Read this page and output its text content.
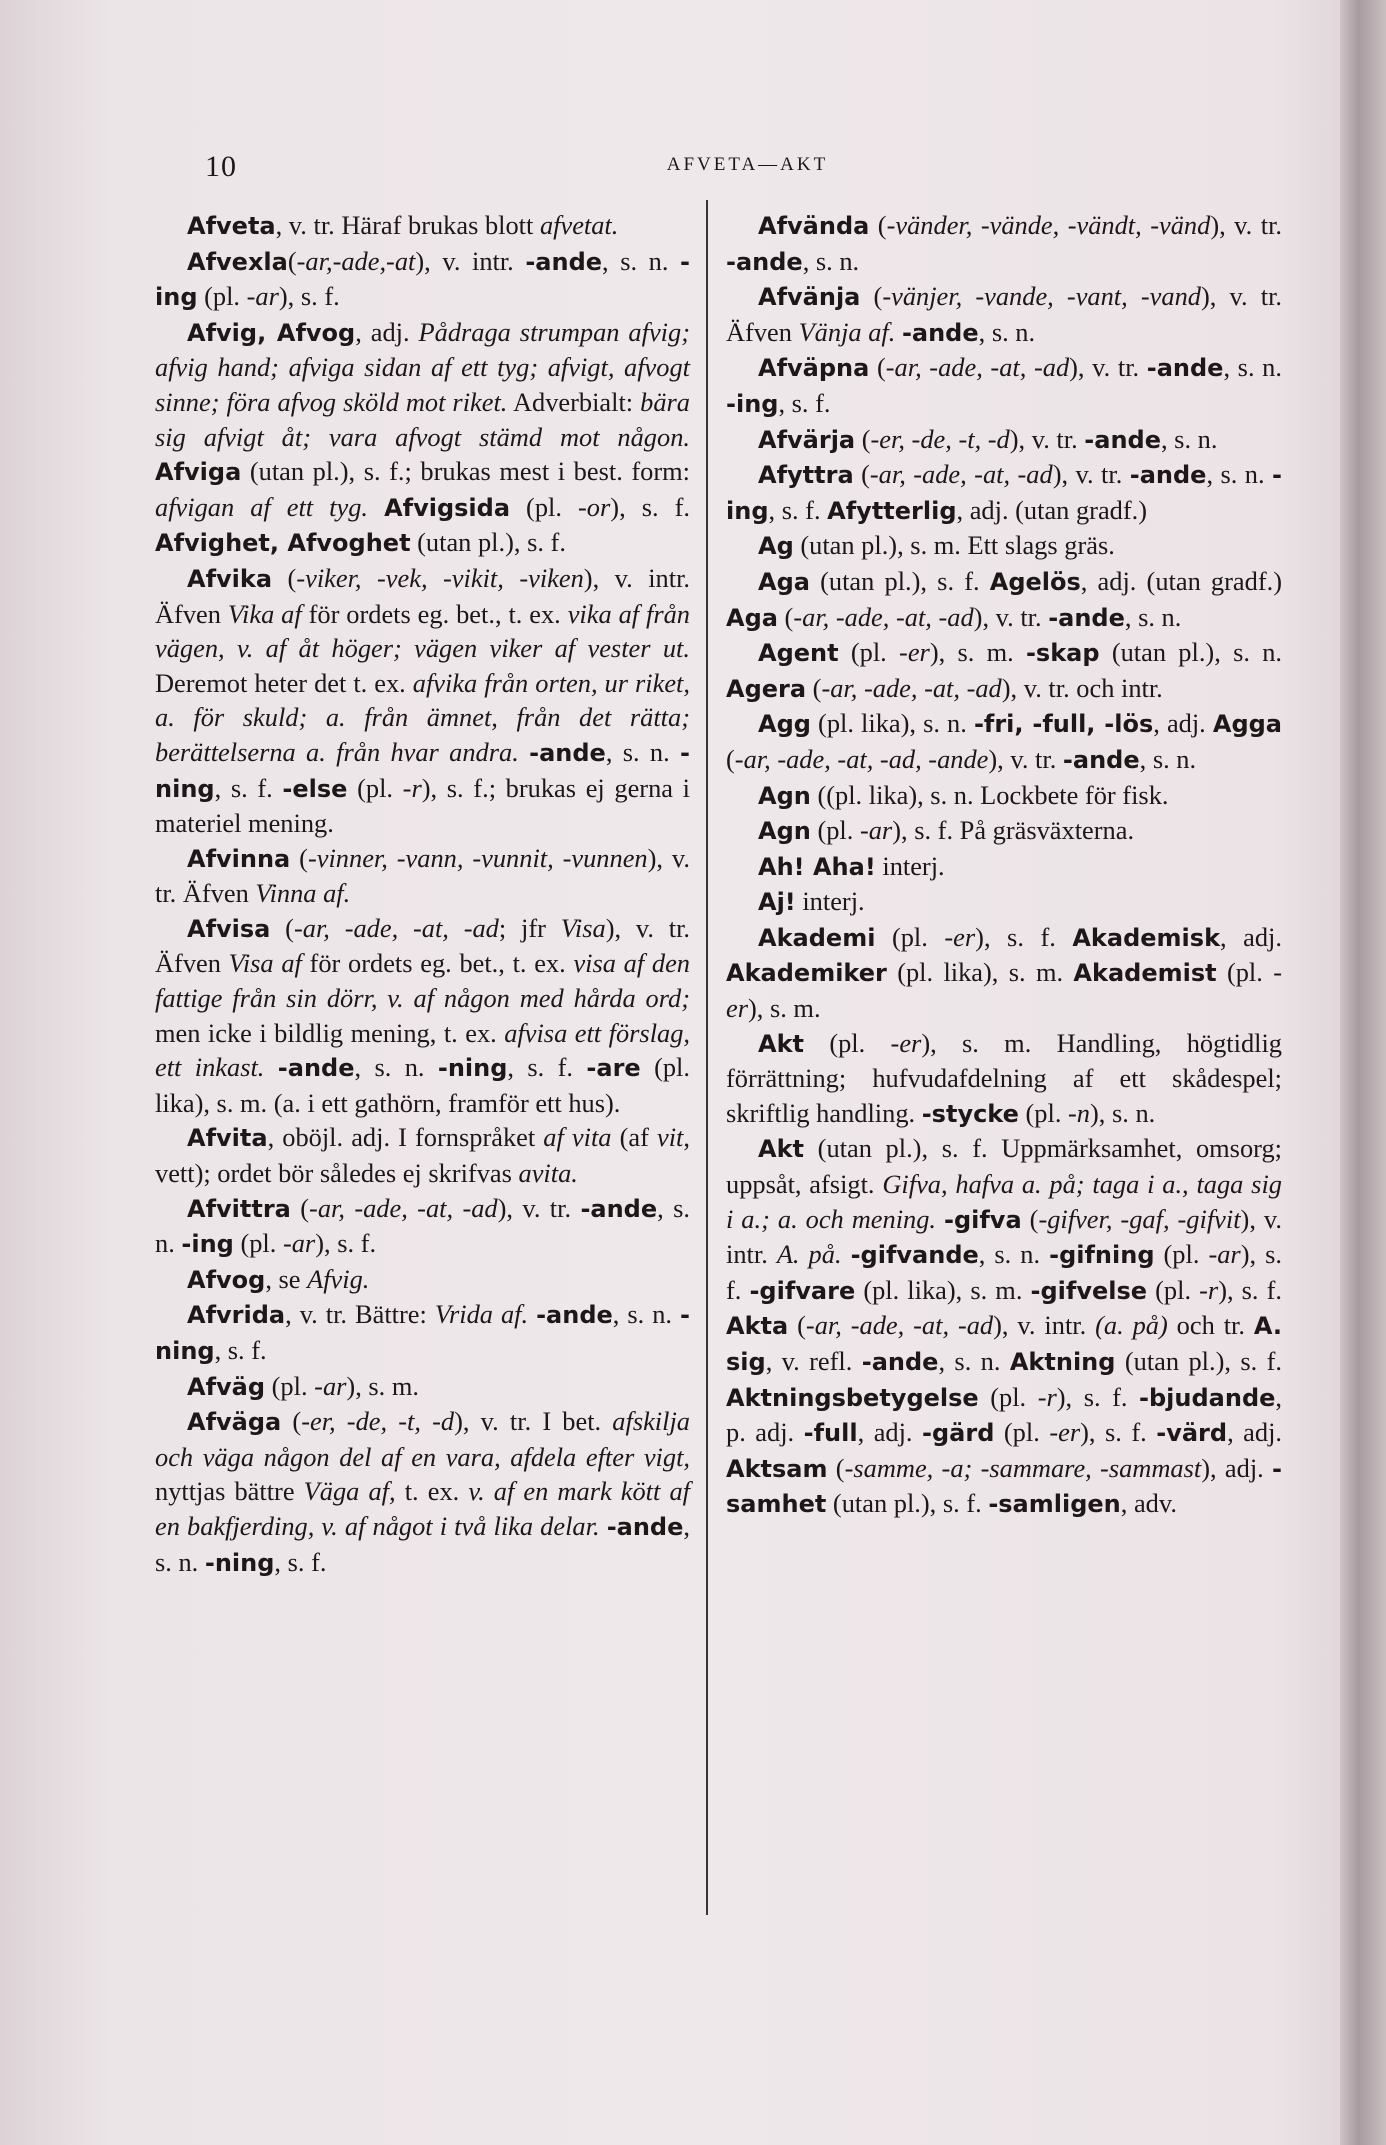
10	AFVETA—AKT

Afveta, v. tr. Häraf brukas blott afvetat.

Afvexla(-ar,-ade,-at), v. intr. -ande, s. n. -ing (pl. -ar), s. f.

Afvig, Afvog, adj. Pådraga strumpan afvig; afvig hand; afviga sidan af ett tyg; afvigt, afvogt sinne; föra afvog sköld mot riket. Adverbialt: bära sig afvigt åt; vara afvogt stämd mot någon. Afviga (utan pl.), s. f.; brukas mest i best. form: afvigan af ett tyg. Afvigsida (pl. -or), s. f. Afvighet, Afvoghet (utan pl.), s. f.

Afvika (-viker, -vek, -vikit, -viken), v. intr. Äfven Vika af för ordets eg. bet., t. ex. vika af från vägen, v. af åt höger; vägen viker af vester ut. Deremot heter det t. ex. afvika från orten, ur riket, a. för skuld; a. från ämnet, från det rätta; berättelserna a. från hvar andra. -ande, s. n. -ning, s. f. -else (pl. -r), s. f.; brukas ej gerna i materiel mening.

Afvinna (-vinner, -vann, -vunnit, -vunnen), v. tr. Äfven Vinna af.

Afvisa (-ar, -ade, -at, -ad; jfr Visa), v. tr. Äfven Visa af för ordets eg. bet., t. ex. visa af den fattige från sin dörr, v. af någon med hårda ord; men icke i bildlig mening, t. ex. afvisa ett förslag, ett inkast. -ande, s. n. -ning, s. f. -are (pl. lika), s. m. (a. i ett gathörn, framför ett hus).

Afvita, oböjl. adj. I fornspråket af vita (af vit, vett); ordet bör således ej skrifvas avita.

Afvittra (-ar, -ade, -at, -ad), v. tr. -ande, s. n. -ing (pl. -ar), s. f.

Afvog, se Afvig.

Afvrida, v. tr. Bättre: Vrida af. -ande, s. n. -ning, s. f.

Afväg (pl. -ar), s. m.

Afväga (-er, -de, -t, -d), v. tr. I bet. afskilja och väga någon del af en vara, afdela efter vigt, nyttjas bättre Väga af, t. ex. v. af en mark kött af en bakfjerding, v. af något i två lika delar. -ande, s. n. -ning, s. f.

Afvända (-vänder, -vände, -vändt, -vänd), v. tr. -ande, s. n.

Afvänja (-vänjer, -vande, -vant, -vand), v. tr. Äfven Vänja af. -ande, s. n.

Afväpna (-ar, -ade, -at, -ad), v. tr. -ande, s. n. -ing, s. f.

Afvärja (-er, -de, -t, -d), v. tr. -ande, s. n.

Afyttra (-ar, -ade, -at, -ad), v. tr. -ande, s. n. -ing, s. f. Afytterlig, adj. (utan gradf.)

Ag (utan pl.), s. m. Ett slags gräs.

Aga (utan pl.), s. f. Agelös, adj. (utan gradf.) Aga (-ar, -ade, -at, -ad), v. tr. -ande, s. n.

Agent (pl. -er), s. m. -skap (utan pl.), s. n. Agera (-ar, -ade, -at, -ad), v. tr. och intr.

Agg (pl. lika), s. n. -fri, -full, -lös, adj. Agga (-ar, -ade, -at, -ad, -ande), v. tr. -ande, s. n.

Agn ((pl. lika), s. n. Lockbete för fisk.

Agn (pl. -ar), s. f. På gräsväxterna.

Ah! Aha! interj.

Aj! interj.

Akademi (pl. -er), s. f. Akademisk, adj. Akademiker (pl. lika), s. m. Akademist (pl. -er), s. m.

Akt (pl. -er), s. m. Handling, högtidlig förrättning; hufvudafdelning af ett skådespel; skriftlig handling. -stycke (pl. -n), s. n.

Akt (utan pl.), s. f. Uppmärksamhet, omsorg; uppsåt, afsigt. Gifva, hafva a. på; taga i a., taga sig i a.; a. och mening. -gifva (-gifver, -gaf, -gifvit), v. intr. A. på. -gifvande, s. n. -gifning (pl. -ar), s. f. -gifvare (pl. lika), s. m. -gifvelse (pl. -r), s. f. Akta (-ar, -ade, -at, -ad), v. intr. (a. på) och tr. A. sig, v. refl. -ande, s. n. Aktning (utan pl.), s. f. Aktningsbetygelse (pl. -r), s. f. -bjudande, p. adj. -full, adj. -gärd (pl. -er), s. f. -värd, adj. Aktsam (-samme, -a; -sammare, -sammast), adj. -samhet (utan pl.), s. f. -samligen, adv.
